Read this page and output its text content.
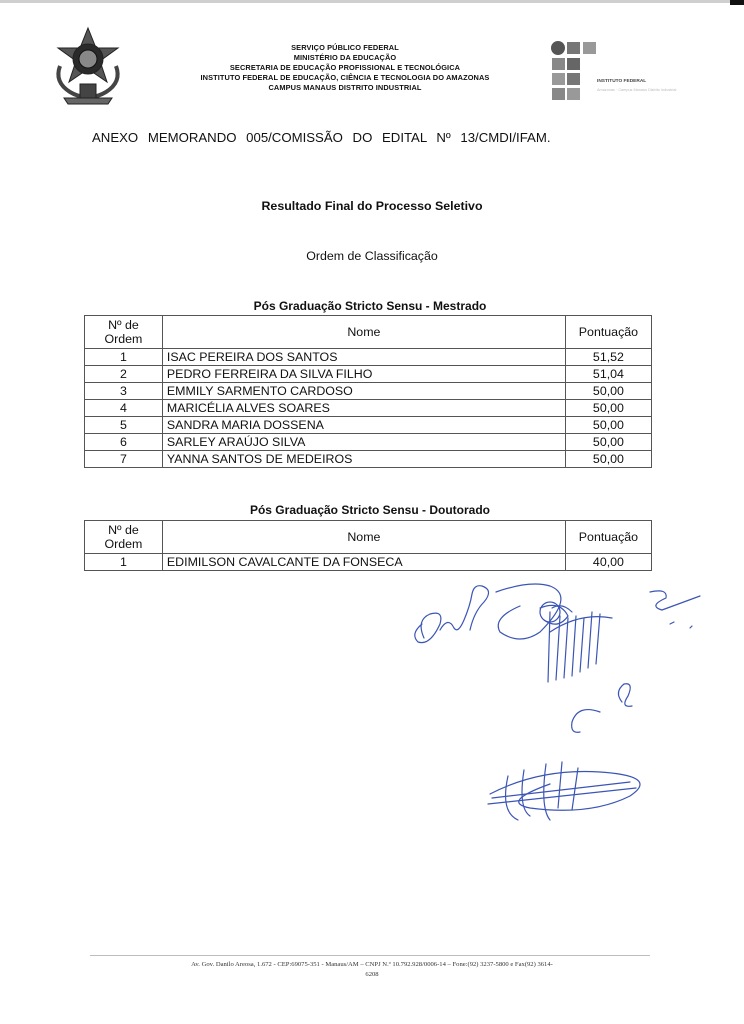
SERVIÇO PÚBLICO FEDERAL
MINISTÉRIO DA EDUCAÇÃO
SECRETARIA DE EDUCAÇÃO PROFISSIONAL E TECNOLÓGICA
INSTITUTO FEDERAL DE EDUCAÇÃO, CIÊNCIA E TECNOLOGIA DO AMAZONAS
CAMPUS MANAUS DISTRITO INDUSTRIAL
INSTITUTO FEDERAL
Amazonas · Campus Manaus Distrito Industrial
ANEXO MEMORANDO 005/COMISSÃO DO EDITAL Nº 13/CMDI/IFAM.
Resultado Final do Processo Seletivo
Ordem de Classificação
Pós Graduação Stricto Sensu - Mestrado
Nº de
Ordem	Nome	Pontuação
1	ISAC PEREIRA DOS SANTOS	51,52
2	PEDRO FERREIRA DA SILVA FILHO	51,04
3	EMMILY SARMENTO CARDOSO	50,00
4	MARICÉLIA ALVES SOARES	50,00
5	SANDRA MARIA DOSSENA	50,00
6	SARLEY ARAÚJO SILVA	50,00
7	YANNA SANTOS DE MEDEIROS	50,00
Pós Graduação Stricto Sensu - Doutorado
Nº de
Ordem	Nome	Pontuação
1	EDIMILSON CAVALCANTE DA FONSECA	40,00
Av. Gov. Danilo Areosa, 1.672 - CEP:69075-351 - Manaus/AM – CNPJ N.º 10.792.928/0006-14 – Fone:(92) 3237-5800 e Fax(92) 3614-
6208
